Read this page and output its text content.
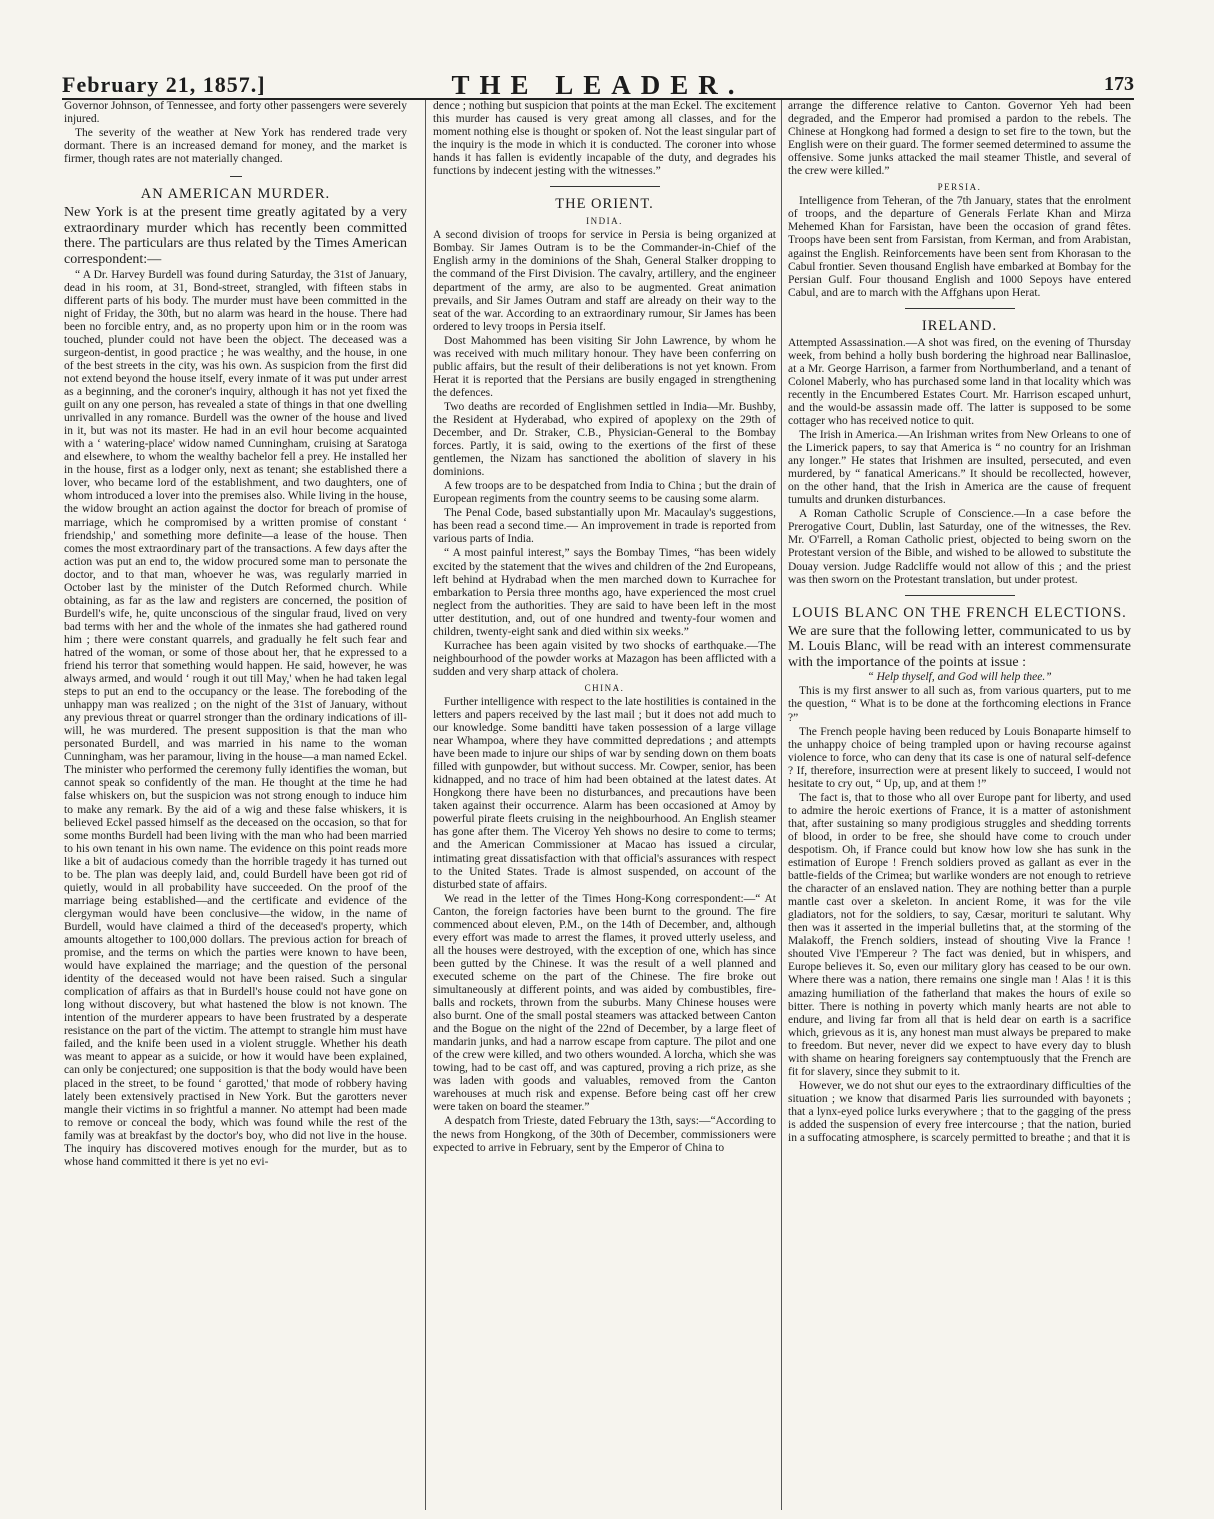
February 21, 1857.]	THE LEADER.	173

Governor Johnson, of Tennessee, and forty other passengers were severely injured.

The severity of the weather at New York has rendered trade very dormant. There is an increased demand for money, and the market is firmer, though rates are not materially changed.

AN AMERICAN MURDER.

New York is at the present time greatly agitated by a very extraordinary murder which has recently been committed there. The particulars are thus related by the Times American correspondent:—

“ A Dr. Harvey Burdell was found during Saturday, the 31st of January, dead in his room, at 31, Bond-street, strangled, with fifteen stabs in different parts of his body. The murder must have been committed in the night of Friday, the 30th, but no alarm was heard in the house. There had been no forcible entry, and, as no property upon him or in the room was touched, plunder could not have been the object. The deceased was a surgeon-dentist, in good practice ; he was wealthy, and the house, in one of the best streets in the city, was his own. As suspicion from the first did not extend beyond the house itself, every inmate of it was put under arrest as a beginning, and the coroner's inquiry, although it has not yet fixed the guilt on any one person, has revealed a state of things in that one dwelling unrivalled in any romance. Burdell was the owner of the house and lived in it, but was not its master. He had in an evil hour become acquainted with a ‘ watering-place' widow named Cunningham, cruising at Saratoga and elsewhere, to whom the wealthy bachelor fell a prey. He installed her in the house, first as a lodger only, next as tenant; she established there a lover, who became lord of the establishment, and two daughters, one of whom introduced a lover into the premises also. While living in the house, the widow brought an action against the doctor for breach of promise of marriage, which he compromised by a written promise of constant ‘ friendship,' and something more definite—a lease of the house. Then comes the most extraordinary part of the transactions. A few days after the action was put an end to, the widow procured some man to personate the doctor, and to that man, whoever he was, was regularly married in October last by the minister of the Dutch Reformed church. While obtaining, as far as the law and registers are concerned, the position of Burdell's wife, he, quite unconscious of the singular fraud, lived on very bad terms with her and the whole of the inmates she had gathered round him ; there were constant quarrels, and gradually he felt such fear and hatred of the woman, or some of those about her, that he expressed to a friend his terror that something would happen. He said, however, he was always armed, and would ‘ rough it out till May,' when he had taken legal steps to put an end to the occupancy or the lease. The foreboding of the unhappy man was realized ; on the night of the 31st of January, without any previous threat or quarrel stronger than the ordinary indications of ill-will, he was murdered. The present supposition is that the man who personated Burdell, and was married in his name to the woman Cunningham, was her paramour, living in the house—a man named Eckel. The minister who performed the ceremony fully identifies the woman, but cannot speak so confidently of the man. He thought at the time he had false whiskers on, but the suspicion was not strong enough to induce him to make any remark. By the aid of a wig and these false whiskers, it is believed Eckel passed himself as the deceased on the occasion, so that for some months Burdell had been living with the man who had been married to his own tenant in his own name. The evidence on this point reads more like a bit of audacious comedy than the horrible tragedy it has turned out to be. The plan was deeply laid, and, could Burdell have been got rid of quietly, would in all probability have succeeded. On the proof of the marriage being established—and the certificate and evidence of the clergyman would have been conclusive—the widow, in the name of Burdell, would have claimed a third of the deceased's property, which amounts altogether to 100,000 dollars. The previous action for breach of promise, and the terms on which the parties were known to have been, would have explained the marriage; and the question of the personal identity of the deceased would not have been raised. Such a singular complication of affairs as that in Burdell's house could not have gone on long without discovery, but what hastened the blow is not known. The intention of the murderer appears to have been frustrated by a desperate resistance on the part of the victim. The attempt to strangle him must have failed, and the knife been used in a violent struggle. Whether his death was meant to appear as a suicide, or how it would have been explained, can only be conjectured; one supposition is that the body would have been placed in the street, to be found ‘ garotted,' that mode of robbery having lately been extensively practised in New York. But the garotters never mangle their victims in so frightful a manner. No attempt had been made to remove or conceal the body, which was found while the rest of the family was at breakfast by the doctor's boy, who did not live in the house. The inquiry has discovered motives enough for the murder, but as to whose hand committed it there is yet no evi-

dence ; nothing but suspicion that points at the man Eckel. The excitement this murder has caused is very great among all classes, and for the moment nothing else is thought or spoken of. Not the least singular part of the inquiry is the mode in which it is conducted. The coroner into whose hands it has fallen is evidently incapable of the duty, and degrades his functions by indecent jesting with the witnesses.”

THE ORIENT.
INDIA.

A second division of troops for service in Persia is being organized at Bombay. Sir James Outram is to be the Commander-in-Chief of the English army in the dominions of the Shah, General Stalker dropping to the command of the First Division. The cavalry, artillery, and the engineer department of the army, are also to be augmented. Great animation prevails, and Sir James Outram and staff are already on their way to the seat of the war. According to an extraordinary rumour, Sir James has been ordered to levy troops in Persia itself.

Dost Mahommed has been visiting Sir John Lawrence, by whom he was received with much military honour. They have been conferring on public affairs, but the result of their deliberations is not yet known. From Herat it is reported that the Persians are busily engaged in strengthening the defences.

Two deaths are recorded of Englishmen settled in India—Mr. Bushby, the Resident at Hyderabad, who expired of apoplexy on the 29th of December, and Dr. Straker, C.B., Physician-General to the Bombay forces. Partly, it is said, owing to the exertions of the first of these gentlemen, the Nizam has sanctioned the abolition of slavery in his dominions.

A few troops are to be despatched from India to China ; but the drain of European regiments from the country seems to be causing some alarm.

The Penal Code, based substantially upon Mr. Macaulay's suggestions, has been read a second time.— An improvement in trade is reported from various parts of India.

“ A most painful interest,” says the Bombay Times, “has been widely excited by the statement that the wives and children of the 2nd Europeans, left behind at Hydrabad when the men marched down to Kurrachee for embarkation to Persia three months ago, have experienced the most cruel neglect from the authorities. They are said to have been left in the most utter destitution, and, out of one hundred and twenty-four women and children, twenty-eight sank and died within six weeks.”

Kurrachee has been again visited by two shocks of earthquake.—The neighbourhood of the powder works at Mazagon has been afflicted with a sudden and very sharp attack of cholera.

CHINA.

Further intelligence with respect to the late hostilities is contained in the letters and papers received by the last mail ; but it does not add much to our knowledge. Some banditti have taken possession of a large village near Whampoa, where they have committed depredations ; and attempts have been made to injure our ships of war by sending down on them boats filled with gunpowder, but without success. Mr. Cowper, senior, has been kidnapped, and no trace of him had been obtained at the latest dates. At Hongkong there have been no disturbances, and precautions have been taken against their occurrence. Alarm has been occasioned at Amoy by powerful pirate fleets cruising in the neighbourhood. An English steamer has gone after them. The Viceroy Yeh shows no desire to come to terms; and the American Commissioner at Macao has issued a circular, intimating great dissatisfaction with that official's assurances with respect to the United States. Trade is almost suspended, on account of the disturbed state of affairs.

We read in the letter of the Times Hong-Kong correspondent:—“ At Canton, the foreign factories have been burnt to the ground. The fire commenced about eleven, P.M., on the 14th of December, and, although every effort was made to arrest the flames, it proved utterly useless, and all the houses were destroyed, with the exception of one, which has since been gutted by the Chinese. It was the result of a well planned and executed scheme on the part of the Chinese. The fire broke out simultaneously at different points, and was aided by combustibles, fire-balls and rockets, thrown from the suburbs. Many Chinese houses were also burnt. One of the small postal steamers was attacked between Canton and the Bogue on the night of the 22nd of December, by a large fleet of mandarin junks, and had a narrow escape from capture. The pilot and one of the crew were killed, and two others wounded. A lorcha, which she was towing, had to be cast off, and was captured, proving a rich prize, as she was laden with goods and valuables, removed from the Canton warehouses at much risk and expense. Before being cast off her crew were taken on board the steamer.”

A despatch from Trieste, dated February the 13th, says:—“According to the news from Hongkong, of the 30th of December, commissioners were expected to arrive in February, sent by the Emperor of China to

arrange the difference relative to Canton. Governor Yeh had been degraded, and the Emperor had promised a pardon to the rebels. The Chinese at Hongkong had formed a design to set fire to the town, but the English were on their guard. The former seemed determined to assume the offensive. Some junks attacked the mail steamer Thistle, and several of the crew were killed.”

PERSIA.

Intelligence from Teheran, of the 7th January, states that the enrolment of troops, and the departure of Generals Ferlate Khan and Mirza Mehemed Khan for Farsistan, have been the occasion of grand fêtes. Troops have been sent from Farsistan, from Kerman, and from Arabistan, against the English. Reinforcements have been sent from Khorasan to the Cabul frontier. Seven thousand English have embarked at Bombay for the Persian Gulf. Four thousand English and 1000 Sepoys have entered Cabul, and are to march with the Affghans upon Herat.

IRELAND.

Attempted Assassination.—A shot was fired, on the evening of Thursday week, from behind a holly bush bordering the highroad near Ballinasloe, at a Mr. George Harrison, a farmer from Northumberland, and a tenant of Colonel Maberly, who has purchased some land in that locality which was recently in the Encumbered Estates Court. Mr. Harrison escaped unhurt, and the would-be assassin made off. The latter is supposed to be some cottager who has received notice to quit.

The Irish in America.—An Irishman writes from New Orleans to one of the Limerick papers, to say that America is “ no country for an Irishman any longer.” He states that Irishmen are insulted, persecuted, and even murdered, by “ fanatical Americans.” It should be recollected, however, on the other hand, that the Irish in America are the cause of frequent tumults and drunken disturbances.

A Roman Catholic Scruple of Conscience.—In a case before the Prerogative Court, Dublin, last Saturday, one of the witnesses, the Rev. Mr. O'Farrell, a Roman Catholic priest, objected to being sworn on the Protestant version of the Bible, and wished to be allowed to substitute the Douay version. Judge Radcliffe would not allow of this ; and the priest was then sworn on the Protestant translation, but under protest.

LOUIS BLANC ON THE FRENCH ELECTIONS.

We are sure that the following letter, communicated to us by M. Louis Blanc, will be read with an interest commensurate with the importance of the points at issue :

“ Help thyself, and God will help thee.”

This is my first answer to all such as, from various quarters, put to me the question, “ What is to be done at the forthcoming elections in France ?”

The French people having been reduced by Louis Bonaparte himself to the unhappy choice of being trampled upon or having recourse against violence to force, who can deny that its case is one of natural self-defence ? If, therefore, insurrection were at present likely to succeed, I would not hesitate to cry out, “ Up, up, and at them !”

The fact is, that to those who all over Europe pant for liberty, and used to admire the heroic exertions of France, it is a matter of astonishment that, after sustaining so many prodigious struggles and shedding torrents of blood, in order to be free, she should have come to crouch under despotism. Oh, if France could but know how low she has sunk in the estimation of Europe ! French soldiers proved as gallant as ever in the battle-fields of the Crimea; but warlike wonders are not enough to retrieve the character of an enslaved nation. They are nothing better than a purple mantle cast over a skeleton. In ancient Rome, it was for the vile gladiators, not for the soldiers, to say, Cæsar, morituri te salutant. Why then was it asserted in the imperial bulletins that, at the storming of the Malakoff, the French soldiers, instead of shouting Vive la France ! shouted Vive l'Empereur ? The fact was denied, but in whispers, and Europe believes it. So, even our military glory has ceased to be our own. Where there was a nation, there remains one single man ! Alas ! it is this amazing humiliation of the fatherland that makes the hours of exile so bitter. There is nothing in poverty which manly hearts are not able to endure, and living far from all that is held dear on earth is a sacrifice which, grievous as it is, any honest man must always be prepared to make to freedom. But never, never did we expect to have every day to blush with shame on hearing foreigners say contemptuously that the French are fit for slavery, since they submit to it.

However, we do not shut our eyes to the extraordinary difficulties of the situation ; we know that disarmed Paris lies surrounded with bayonets ; that a lynx-eyed police lurks everywhere ; that to the gagging of the press is added the suspension of every free intercourse ; that the nation, buried in a suffocating atmosphere, is scarcely permitted to breathe ; and that it is
